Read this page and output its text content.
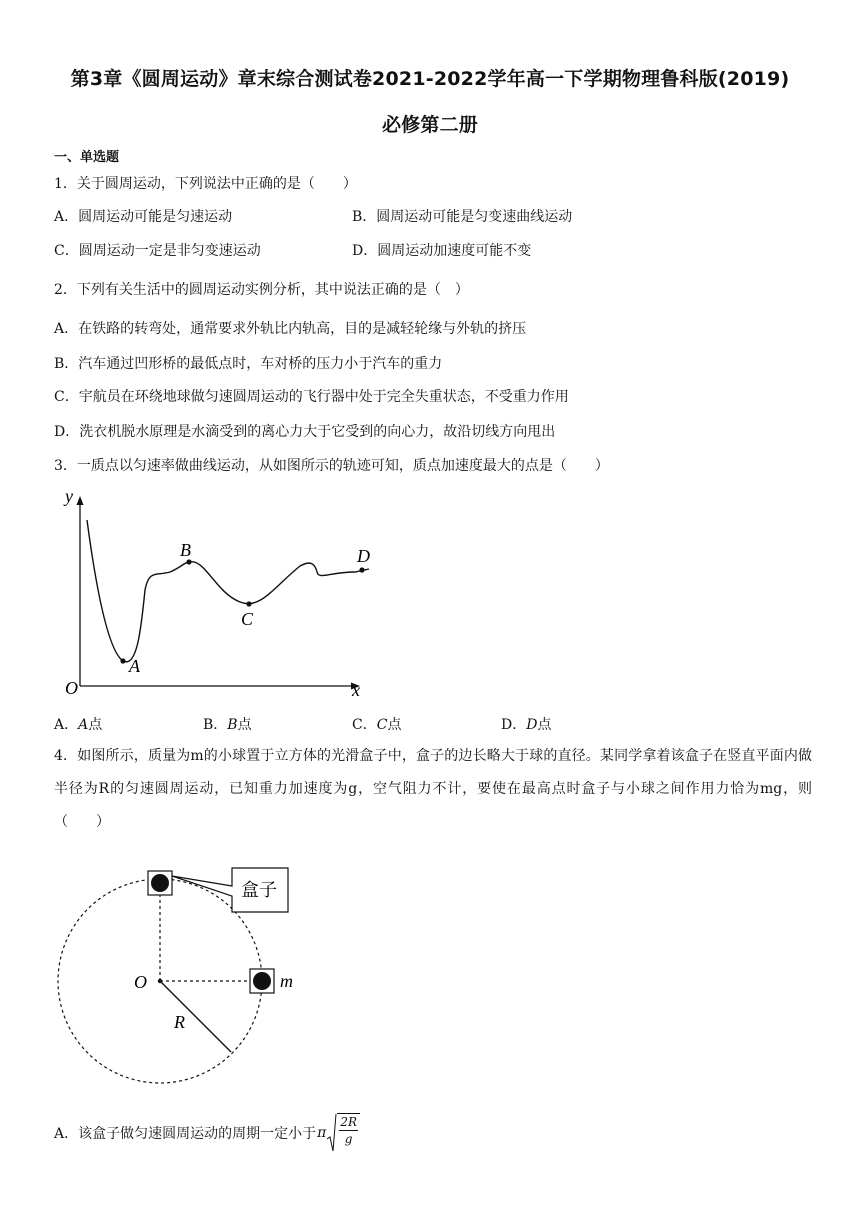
第3章《圆周运动》章末综合测试卷2021-2022学年高一下学期物理鲁科版(2019)
必修第二册
一、单选题
1．关于圆周运动，下列说法中正确的是（　　）
A．圆周运动可能是匀速运动	B．圆周运动可能是匀变速曲线运动
C．圆周运动一定是非匀变速运动	D．圆周运动加速度可能不变
2．下列有关生活中的圆周运动实例分析，其中说法正确的是（　）
A．在铁路的转弯处，通常要求外轨比内轨高，目的是减轻轮缘与外轨的挤压
B．汽车通过凹形桥的最低点时，车对桥的压力小于汽车的重力
C．宇航员在环绕地球做匀速圆周运动的飞行器中处于完全失重状态，不受重力作用
D．洗衣机脱水原理是水滴受到的离心力大于它受到的向心力，故沿切线方向甩出
3．一质点以匀速率做曲线运动，从如图所示的轨迹可知，质点加速度最大的点是（　　）
y
x
O
A
B
C
D
A．A点	B．B点	C．C点	D．D点
4．如图所示，质量为m的小球置于立方体的光滑盒子中，盒子的边长略大于球的直径。某同学拿着该盒子在竖直平面内做半径为R的匀速圆周运动，已知重力加速度为g，空气阻力不计，要使在最高点时盒子与小球之间作用力恰为mg，则（　　）
盒子
O	m
R
A．该盒子做匀速圆周运动的周期一定小于 π $\frac{2R}{g}$
